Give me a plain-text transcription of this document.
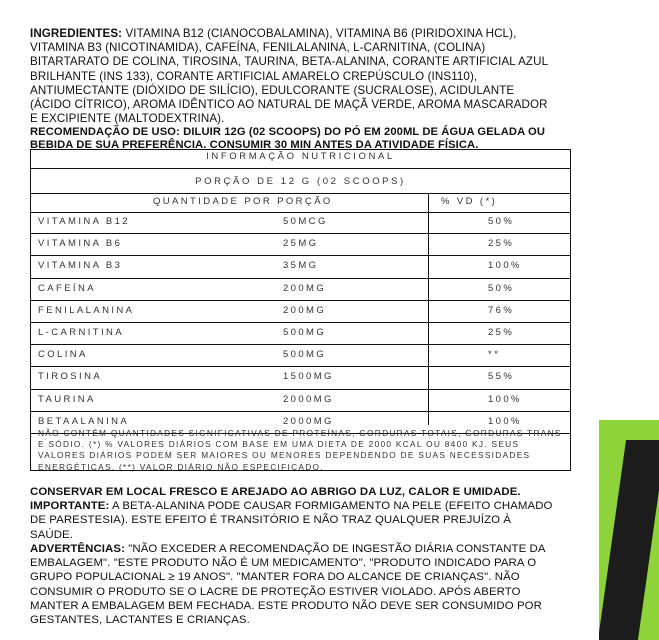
INGREDIENTES: VITAMINA B12 (CIANOCOBALAMINA), VITAMINA B6 (PIRIDOXINA HCL), VITAMINA B3 (NICOTINAMIDA), CAFEÍNA, FENILALANINA, L-CARNITINA, (COLINA) BITARTARATO DE COLINA, TIROSINA, TAURINA, BETA-ALANINA, CORANTE ARTIFICIAL AZUL BRILHANTE (INS 133), CORANTE ARTIFICIAL AMARELO CREPÚSCULO (INS110), ANTIUMECTANTE (DIÓXIDO DE SILÍCIO), EDULCORANTE (SUCRALOSE), ACIDULANTE (ÁCIDO CÍTRICO), AROMA IDÊNTICO AO NATURAL DE MAÇÃ VERDE, AROMA MASCARADOR E EXCIPIENTE (MALTODEXTRINA).
RECOMENDAÇÃO DE USO: DILUIR 12G (02 SCOOPS) DO PÓ EM 200ML DE ÁGUA GELADA OU BEBIDA DE SUA PREFERÊNCIA. CONSUMIR 30 MIN ANTES DA ATIVIDADE FÍSICA.
INFORMAÇÃO NUTRICIONAL
PORÇÃO DE 12 G (02 SCOOPS)
QUANTIDADE POR PORÇÃO	% VD (*)
VITAMINA B12	50MCG	50%
VITAMINA B6	25MG	25%
VITAMINA B3	35MG	100%
CAFEÍNA	200MG	50%
FENILALANINA	200MG	76%
L-CARNITINA	500MG	25%
COLINA	500MG	**
TIROSINA	1500MG	55%
TAURINA	2000MG	100%
BETAALANINA	2000MG	100%
NÃO CONTÉM QUANTIDADES SIGNIFICATIVAS DE PROTEÍNAS, GORDURAS TOTAIS, GORDURAS TRANS E SÓDIO. (*) % VALORES DIÁRIOS COM BASE EM UMA DIETA DE 2000 KCAL OU 8400 KJ. SEUS VALORES DIÁRIOS PODEM SER MAIORES OU MENORES DEPENDENDO DE SUAS NECESSIDADES ENERGÉTICAS. (**) VALOR DIÁRIO NÃO ESPECIFICADO.
CONSERVAR EM LOCAL FRESCO E AREJADO AO ABRIGO DA LUZ, CALOR E UMIDADE.
IMPORTANTE: A BETA-ALANINA PODE CAUSAR FORMIGAMENTO NA PELE (EFEITO CHAMADO DE PARESTESIA). ESTE EFEITO É TRANSITÓRIO E NÃO TRAZ QUALQUER PREJUÍZO À SAÚDE.
ADVERTÊNCIAS: "NÃO EXCEDER A RECOMENDAÇÃO DE INGESTÃO DIÁRIA CONSTANTE DA EMBALAGEM". "ESTE PRODUTO NÃO É UM MEDICAMENTO". "PRODUTO INDICADO PARA O GRUPO POPULACIONAL ≥ 19 ANOS". "MANTER FORA DO ALCANCE DE CRIANÇAS". NÃO CONSUMIR O PRODUTO SE O LACRE DE PROTEÇÃO ESTIVER VIOLADO. APÓS ABERTO MANTER A EMBALAGEM BEM FECHADA. ESTE PRODUTO NÃO DEVE SER CONSUMIDO POR GESTANTES, LACTANTES E CRIANÇAS.
